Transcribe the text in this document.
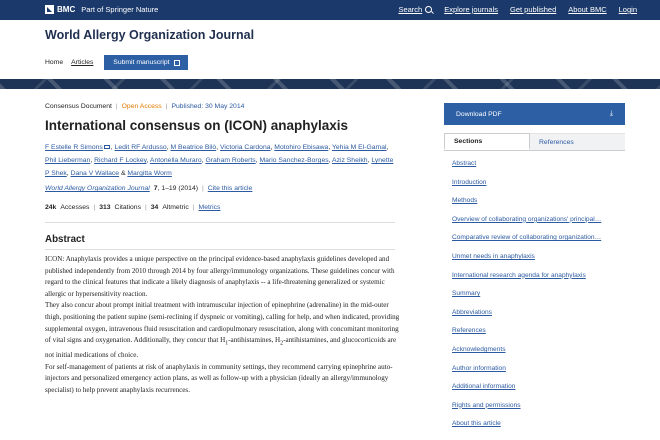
BMC Part of Springer Nature	Search	Explore journals Get published About BMC Login
World Allergy Organization Journal
Home Articles	Submit manuscript
Consensus Document | Open Access | Published: 30 May 2014
International consensus on (ICON) anaphylaxis
F Estelle R Simons , Ledit RF Ardusso, M Beatrice Bilò, Victoria Cardona, Motohiro Ebisawa, Yehia M El-Gamal, Phil Lieberman, Richard F Lockey, Antonella Muraro, Graham Roberts, Mario Sanchez-Borges, Aziz Sheikh, Lynette P Shek, Dana V Wallace & Margitta Worm
World Allergy Organization Journal 7 , 1–19 (2014) | Cite this article
24k Accesses | 313 Citations | 34 Altmetric | Metrics
Abstract

ICON: Anaphylaxis provides a unique perspective on the principal evidence-based anaphylaxis guidelines developed and published independently from 2010 through 2014 by four allergy/immunology organizations. These guidelines concur with regard to the clinical features that indicate a likely diagnosis of anaphylaxis -- a life-threatening generalized or systemic allergic or hypersensitivity reaction.

They also concur about prompt initial treatment with intramuscular injection of epinephrine (adrenaline) in the mid-outer thigh, positioning the patient supine (semi-reclining if dyspneic or vomiting), calling for help, and when indicated, providing supplemental oxygen, intravenous fluid resuscitation and cardiopulmonary resuscitation, along with concomitant monitoring of vital signs and oxygenation. Additionally, they concur that $H_1$-antihistamines, $H_2$-antihistamines, and glucocorticoids are not initial medications of choice.

For self-management of patients at risk of anaphylaxis in community settings, they recommend carrying epinephrine auto-injectors and personalized emergency action plans, as well as follow-up with a physician (ideally an allergy/immunology specialist) to help prevent anaphylaxis recurrences.

Download PDF	⤓
Sections	References
Abstract
Introduction
Methods
Overview of collaborating organizations' principal…
Comparative review of collaborating organization…
Unmet needs in anaphylaxis
International research agenda for anaphylaxis
Summary
Abbreviations
References
Acknowledgments
Author information
Additional information
Rights and permissions
About this article
